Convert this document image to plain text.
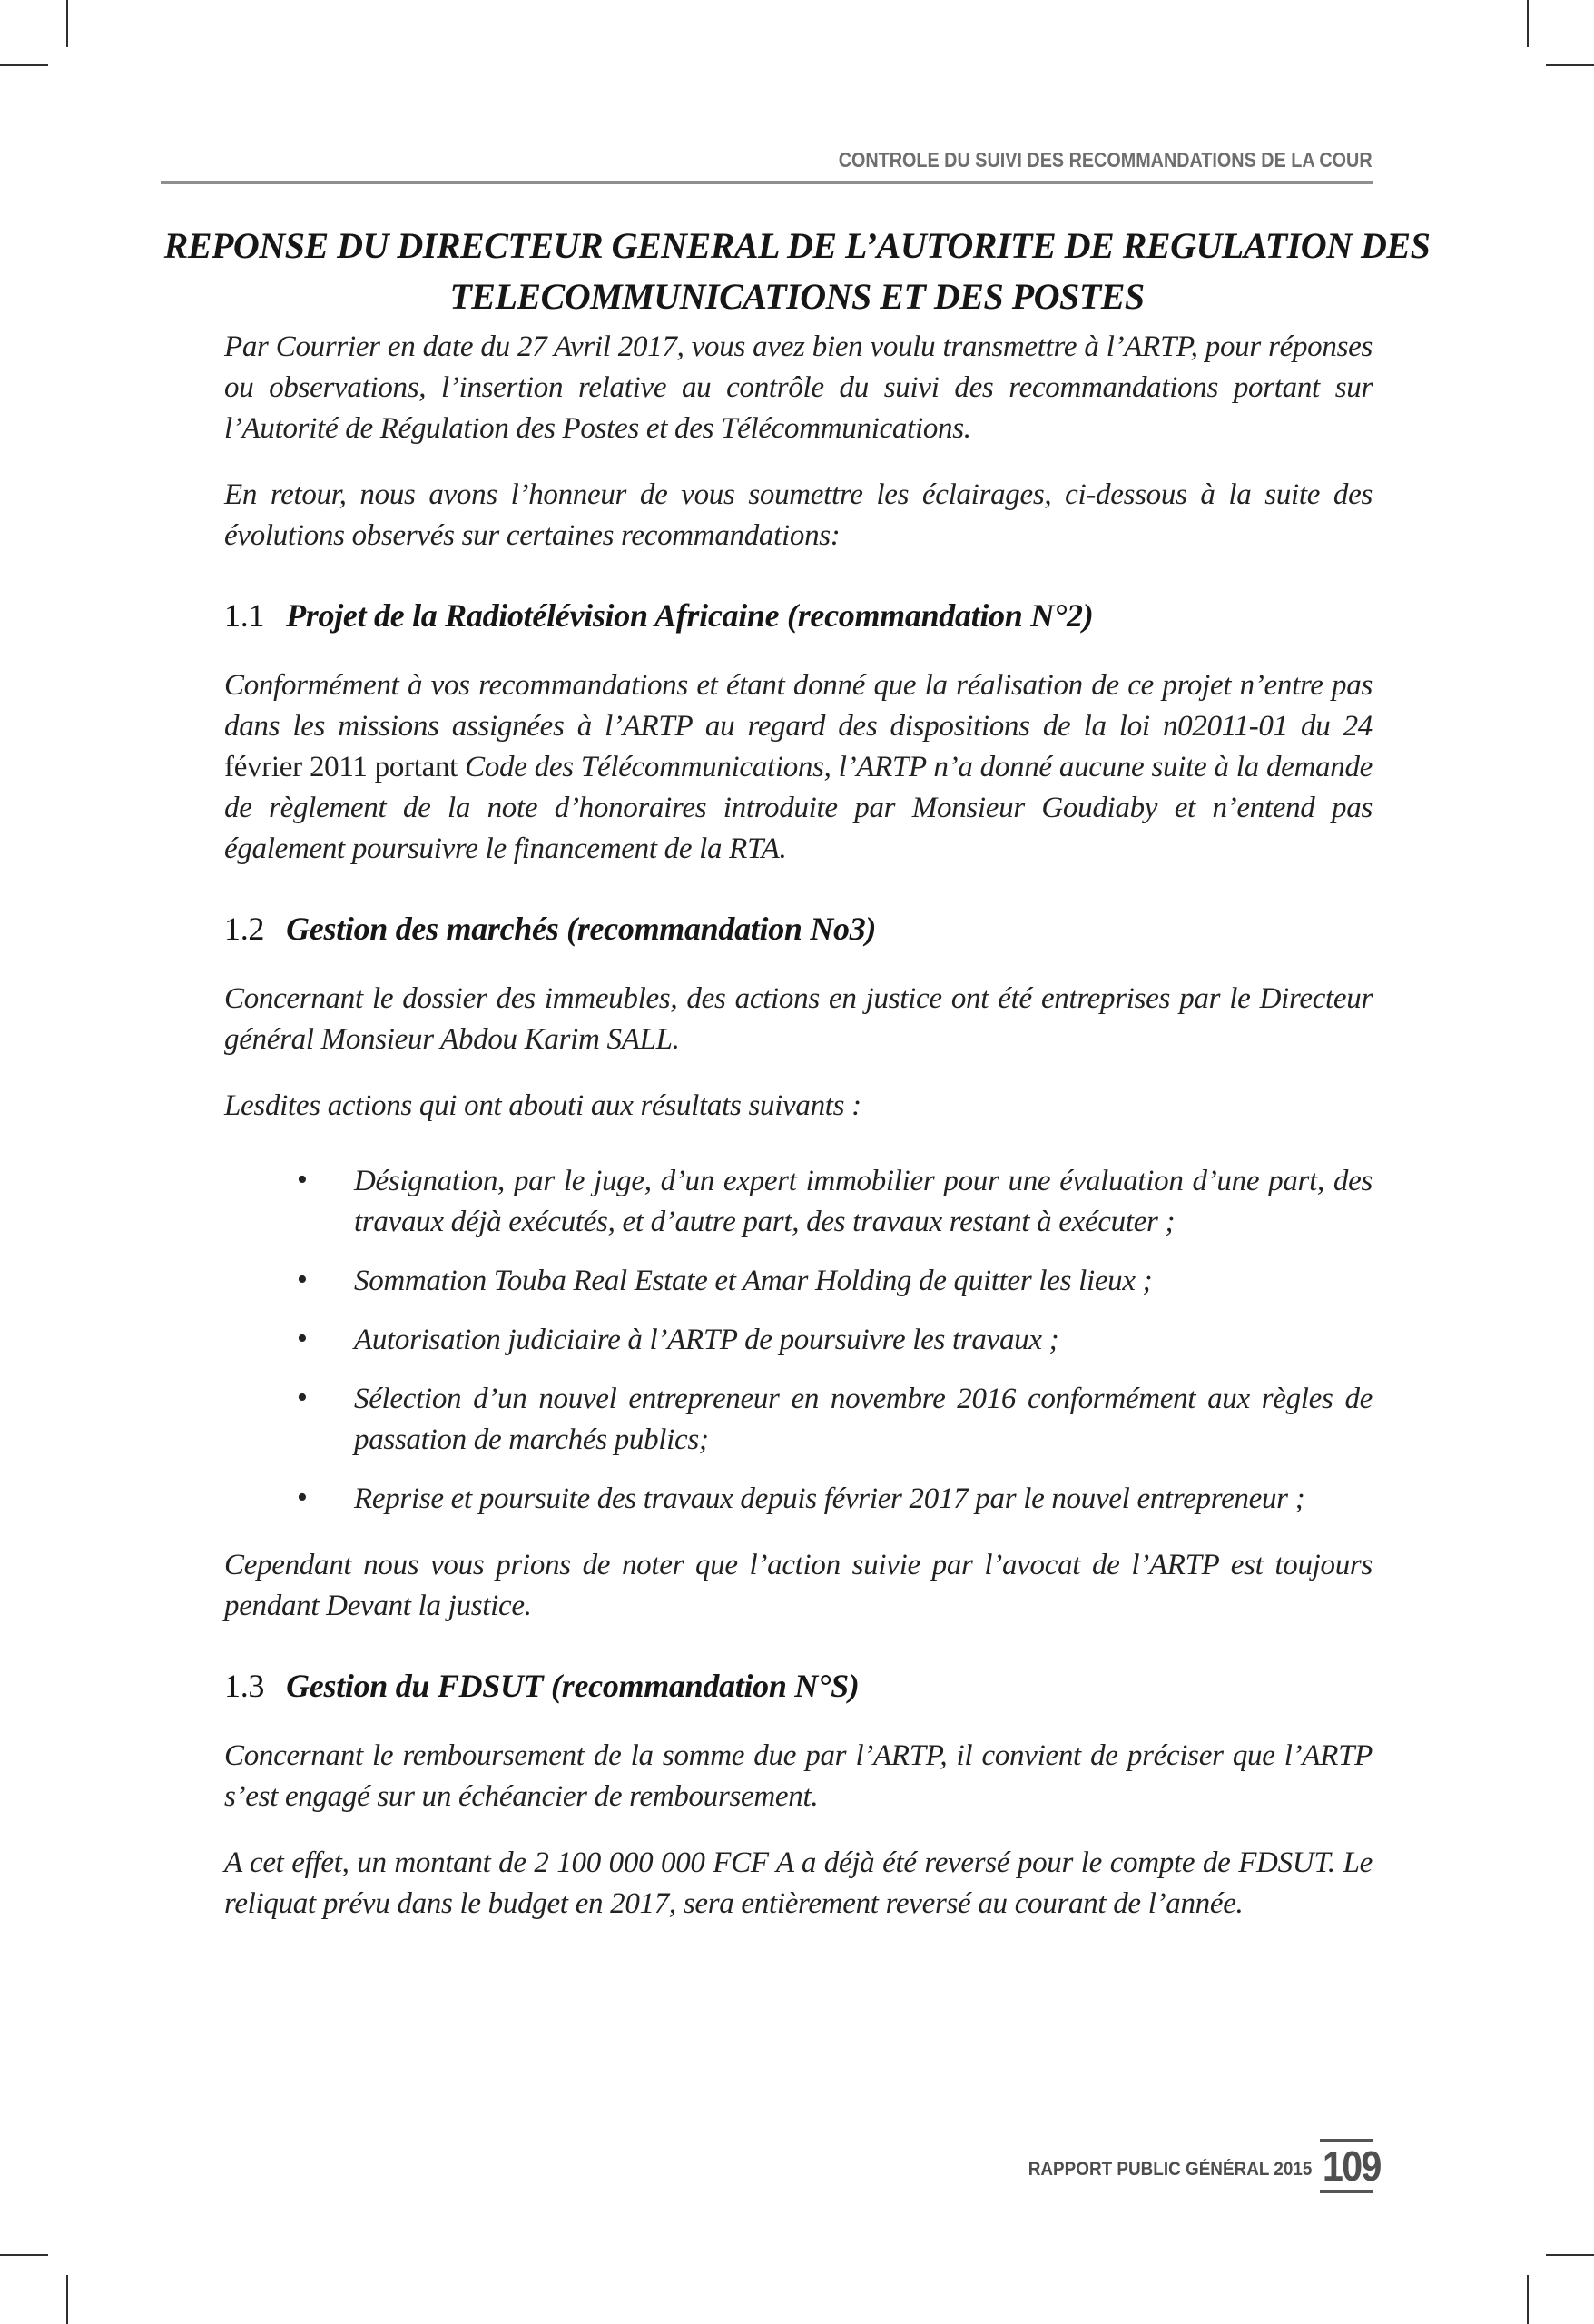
CONTROLE DU SUIVI DES RECOMMANDATIONS DE LA COUR
REPONSE DU DIRECTEUR GENERAL DE L’AUTORITE DE REGULATION DES
TELECOMMUNICATIONS ET DES POSTES
Par Courrier en date du 27 Avril 2017, vous avez bien voulu transmettre à l’ARTP, pour réponses ou observations, l’insertion relative au contrôle du suivi des recommandations portant sur l’Autorité de Régulation des Postes et des Télécommunications.
En retour, nous avons l’honneur de vous soumettre les éclairages, ci-dessous à la suite des évolutions observés sur certaines recommandations:
1.1 Projet de la Radiotélévision Africaine (recommandation N°2)
Conformément à vos recommandations et étant donné que la réalisation de ce projet n’entre pas dans les missions assignées à l’ARTP au regard des dispositions de la loi n02011-01 du 24 février 2011 portant Code des Télécommunications, l’ARTP n’a donné aucune suite à la demande de règlement de la note d’honoraires introduite par Monsieur Goudiaby et n’entend pas également poursuivre le financement de la RTA.
1.2 Gestion des marchés (recommandation No3)
Concernant le dossier des immeubles, des actions en justice ont été entreprises par le Directeur général Monsieur Abdou Karim SALL.
Lesdites actions qui ont abouti aux résultats suivants :
• Désignation, par le juge, d’un expert immobilier pour une évaluation d’une part, des travaux déjà exécutés, et d’autre part, des travaux restant à exécuter ;
• Sommation Touba Real Estate et Amar Holding de quitter les lieux ;
• Autorisation judiciaire à l’ARTP de poursuivre les travaux ;
• Sélection d’un nouvel entrepreneur en novembre 2016 conformément aux règles de passation de marchés publics;
• Reprise et poursuite des travaux depuis février 2017 par le nouvel entrepreneur ;
Cependant nous vous prions de noter que l’action suivie par l’avocat de l’ARTP est toujours pendant Devant la justice.
1.3 Gestion du FDSUT (recommandation N°S)
Concernant le remboursement de la somme due par l’ARTP, il convient de préciser que l’ARTP s’est engagé sur un échéancier de remboursement.
A cet effet, un montant de 2 100 000 000 FCF A a déjà été reversé pour le compte de FDSUT. Le reliquat prévu dans le budget en 2017, sera entièrement reversé au courant de l’année.
RAPPORT PUBLIC GÉNÉRAL 2015 109
